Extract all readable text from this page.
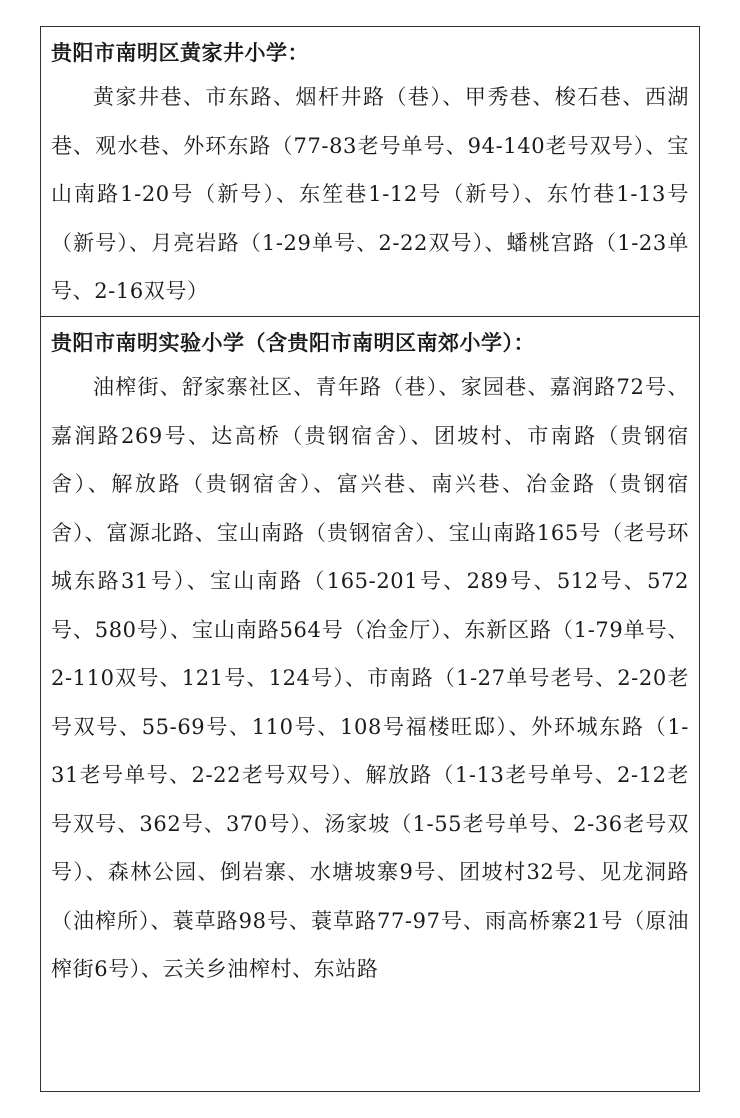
贵阳市南明区黄家井小学：

黄家井巷、市东路、烟杆井路（巷）、甲秀巷、梭石巷、西湖巷、观水巷、外环东路（77-83老号单号、94-140老号双号）、宝山南路1-20号（新号）、东笙巷1-12号（新号）、东竹巷1-13号（新号）、月亮岩路（1-29单号、2-22双号）、蟠桃宫路（1-23单号、2-16双号）

贵阳市南明实验小学（含贵阳市南明区南郊小学）：

油榨街、舒家寨社区、青年路（巷）、家园巷、嘉润路72号、嘉润路269号、达高桥（贵钢宿舍）、团坡村、市南路（贵钢宿舍）、解放路（贵钢宿舍）、富兴巷、南兴巷、冶金路（贵钢宿舍）、富源北路、宝山南路（贵钢宿舍）、宝山南路165号（老号环城东路31号）、宝山南路（165-201号、289号、512号、572号、580号）、宝山南路564号（冶金厅）、东新区路（1-79单号、2-110双号、121号、124号）、市南路（1-27单号老号、2-20老号双号、55-69号、110号、108号福楼旺邸）、外环城东路（1-31老号单号、2-22老号双号）、解放路（1-13老号单号、2-12老号双号、362号、370号）、汤家坡（1-55老号单号、2-36老号双号）、森林公园、倒岩寨、水塘坡寨9号、团坡村32号、见龙洞路（油榨所）、蓑草路98号、蓑草路77-97号、雨高桥寨21号（原油榨街6号）、云关乡油榨村、东站路
